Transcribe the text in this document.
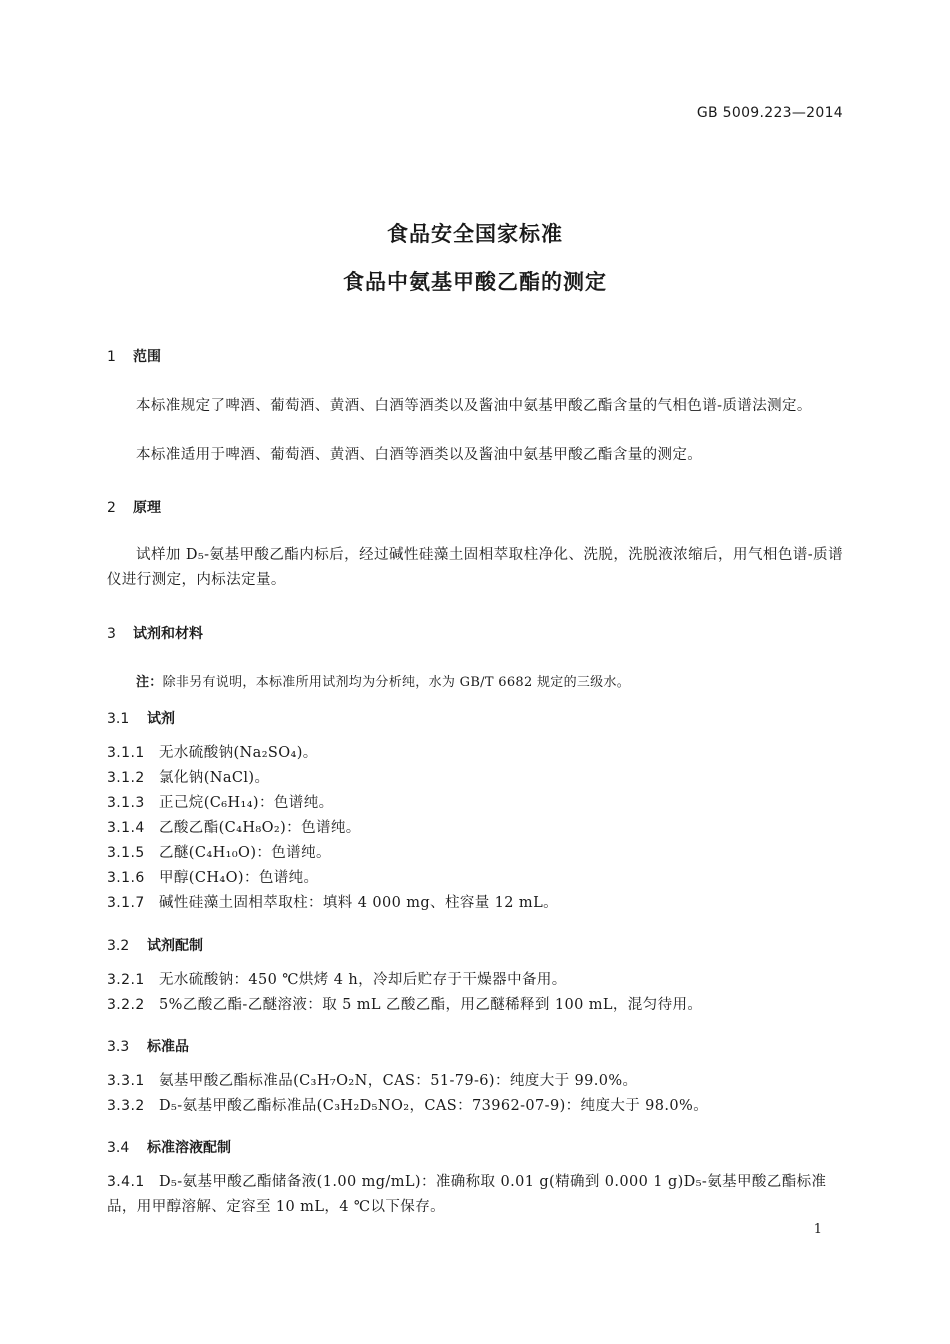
GB 5009.223—2014
食品安全国家标准
食品中氨基甲酸乙酯的测定
1 范围
本标准规定了啤酒、葡萄酒、黄酒、白酒等酒类以及酱油中氨基甲酸乙酯含量的气相色谱-质谱法测定。
本标准适用于啤酒、葡萄酒、黄酒、白酒等酒类以及酱油中氨基甲酸乙酯含量的测定。
2 原理
试样加 D₅-氨基甲酸乙酯内标后，经过碱性硅藻土固相萃取柱净化、洗脱，洗脱液浓缩后，用气相色谱-质谱仪进行测定，内标法定量。
3 试剂和材料
注：除非另有说明，本标准所用试剂均为分析纯，水为 GB/T 6682 规定的三级水。
3.1 试剂
3.1.1 无水硫酸钠(Na₂SO₄)。
3.1.2 氯化钠(NaCl)。
3.1.3 正己烷(C₆H₁₄)：色谱纯。
3.1.4 乙酸乙酯(C₄H₈O₂)：色谱纯。
3.1.5 乙醚(C₄H₁₀O)：色谱纯。
3.1.6 甲醇(CH₄O)：色谱纯。
3.1.7 碱性硅藻土固相萃取柱：填料 4 000 mg、柱容量 12 mL。
3.2 试剂配制
3.2.1 无水硫酸钠：450 ℃烘烤 4 h，冷却后贮存于干燥器中备用。
3.2.2 5%乙酸乙酯-乙醚溶液：取 5 mL 乙酸乙酯，用乙醚稀释到 100 mL，混匀待用。
3.3 标准品
3.3.1 氨基甲酸乙酯标准品(C₃H₇O₂N，CAS：51-79-6)：纯度大于 99.0%。
3.3.2 D₅-氨基甲酸乙酯标准品(C₃H₂D₅NO₂，CAS：73962-07-9)：纯度大于 98.0%。
3.4 标准溶液配制
3.4.1 D₅-氨基甲酸乙酯储备液(1.00 mg/mL)：准确称取 0.01 g(精确到 0.000 1 g)D₅-氨基甲酸乙酯标准品，用甲醇溶解、定容至 10 mL，4 ℃以下保存。
1
